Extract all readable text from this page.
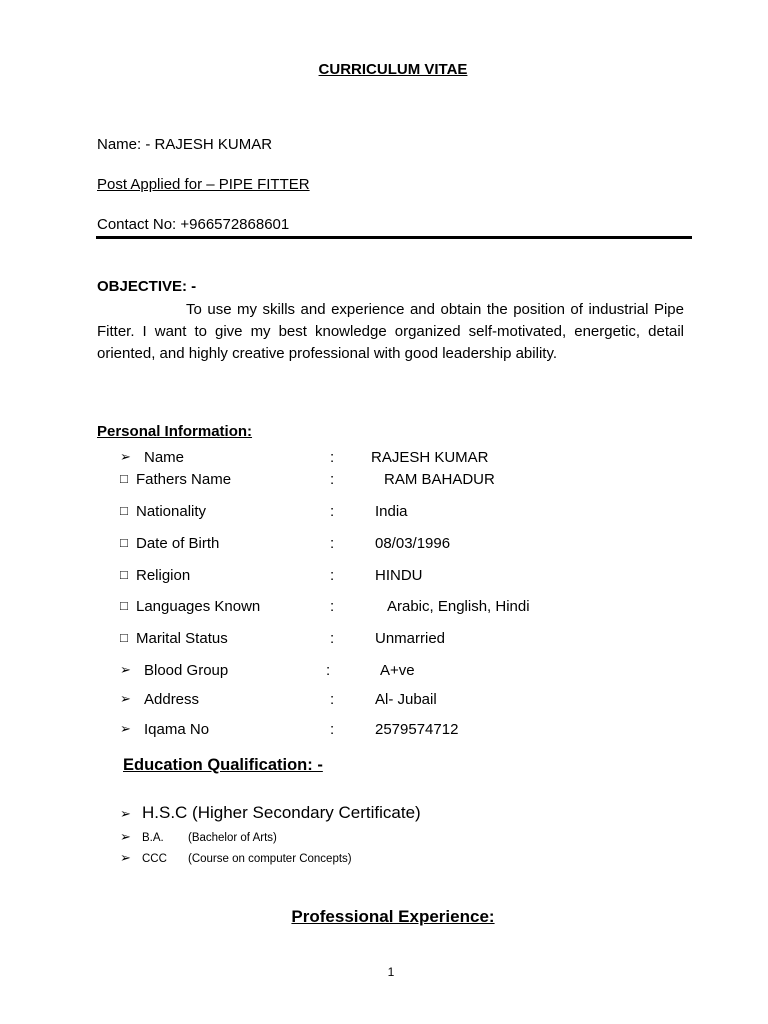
CURRICULUM VITAE
Name: - RAJESH KUMAR
Post Applied for – PIPE FITTER
Contact No: +966572868601
OBJECTIVE: -
To use my skills and experience and obtain the position of industrial Pipe Fitter. I want to give my best knowledge organized self-motivated, energetic, detail oriented, and highly creative professional with good leadership ability.
Personal Information:
➢ Name	: RAJESH KUMAR
□ Fathers Name	:	RAM BAHADUR
□ Nationality	:	India
□ Date of Birth	:	08/03/1996
□ Religion	:	HINDU
□ Languages Known	:	Arabic, English, Hindi
□ Marital Status	:	Unmarried
➢ Blood Group	:	A+ve
➢ Address	:	Al- Jubail
➢ Iqama No	:	2579574712
Education Qualification: -
➢ H.S.C (Higher Secondary Certificate)
➢ B.A. (Bachelor of Arts)
➢ CCC (Course on computer Concepts)
Professional Experience:
1
